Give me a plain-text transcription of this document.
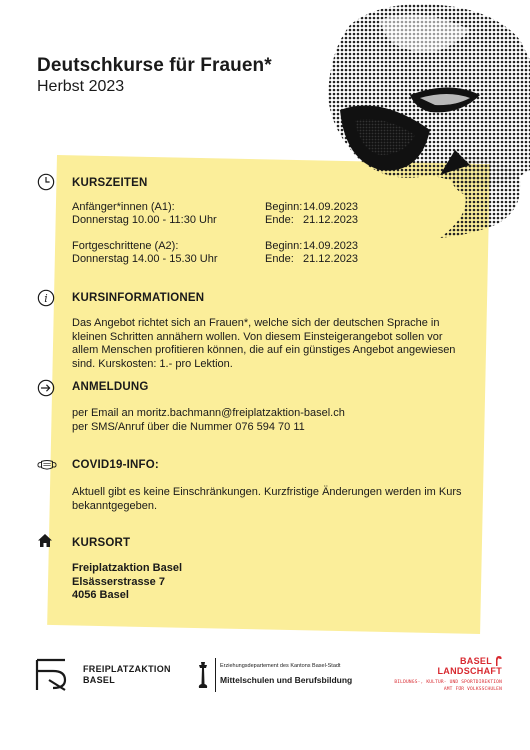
Deutschkurse für Frauen*
Herbst 2023
KURSZEITEN
Anfänger*innen (A1):
Donnerstag 10.00 - 11:30 Uhr
Beginn:14.09.2023
Ende: 21.12.2023
Fortgeschrittene (A2):
Donnerstag 14.00 - 15.30 Uhr
Beginn:14.09.2023
Ende: 21.12.2023
i KURSINFORMATIONEN
Das Angebot richtet sich an Frauen*, welche sich der deutschen Sprache in
kleinen Schritten annähern wollen. Von diesem Einsteigerangebot sollen vor
allem Menschen profitieren können, die auf ein günstiges Angebot angewiesen
sind. Kurskosten: 1.- pro Lektion.
ANMELDUNG
per Email an moritz.bachmann@freiplatzaktion-basel.ch
per SMS/Anruf über die Nummer 076 594 70 11
COVID19-INFO:
Aktuell gibt es keine Einschränkungen. Kurzfristige Änderungen werden im Kurs
bekanntgegeben.
KURSORT
Freiplatzaktion Basel
Elsässerstrasse 7
4056 Basel
FREIPLATZAKTION
BASEL
Erziehungsdepartement des Kantons Basel-Stadt
Mittelschulen und Berufsbildung
BASEL
LANDSCHAFT
BILDUNGS-, KULTUR- UND SPORTDIREKTION
AMT FÜR VOLKSSCHULEN
